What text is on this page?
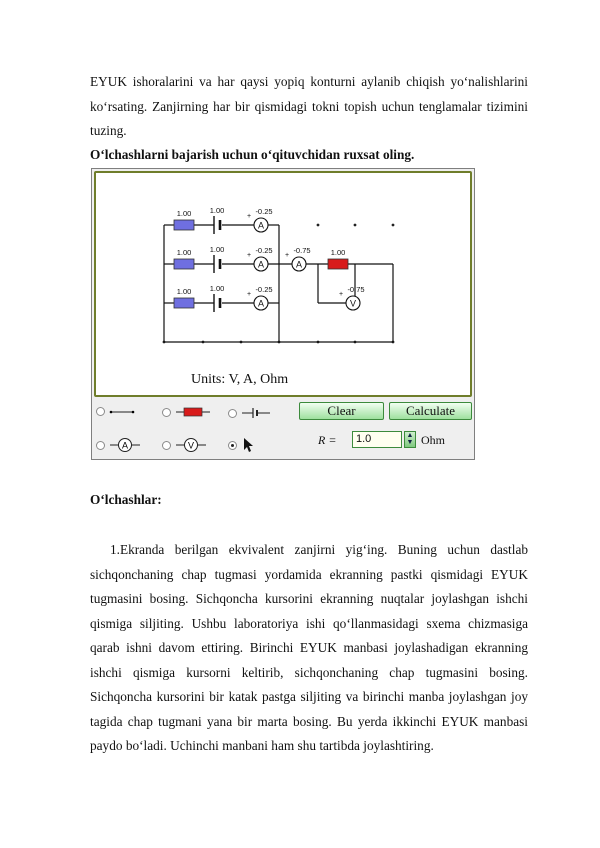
EYUK ishoralarini va har qaysi yopiq konturni aylanib chiqish yo‘nalishlarini ko‘rsating. Zanjirning har bir qismidagi tokni topish uchun tenglamalar tizimini tuzing.

O‘lchashlarni bajarish uchun o‘qituvchidan ruxsat oling.

A
A	A
A	V
1.00
1.00
1.00
1.00
1.00
1.00
-0.25
-0.25	-0.75
-0.25
1.00
-0.75
+
+	+
+	+
Units: V, A, Ohm
A	V
Clear	Calculate
R =	1.0	▲
▼ Ohm

O‘lchashlar:

1.Ekranda berilgan ekvivalent zanjirni yig‘ing. Buning uchun dastlab sichqonchaning chap tugmasi yordamida ekranning pastki qismidagi EYUK tugmasini bosing. Sichqoncha kursorini ekranning nuqtalar joylashgan ishchi qismiga siljiting. Ushbu laboratoriya ishi qo‘llanmasidagi sxema chizmasiga qarab ishni davom ettiring. Birinchi EYUK manbasi joylashadigan ekranning ishchi qismiga kursorni keltirib, sichqonchaning chap tugmasini bosing. Sichqoncha kursorini bir katak pastga siljiting va birinchi manba joylashgan joy tagida chap tugmani yana bir marta bosing. Bu yerda ikkinchi EYUK manbasi paydo bo‘ladi. Uchinchi manbani ham shu tartibda joylashtiring.
